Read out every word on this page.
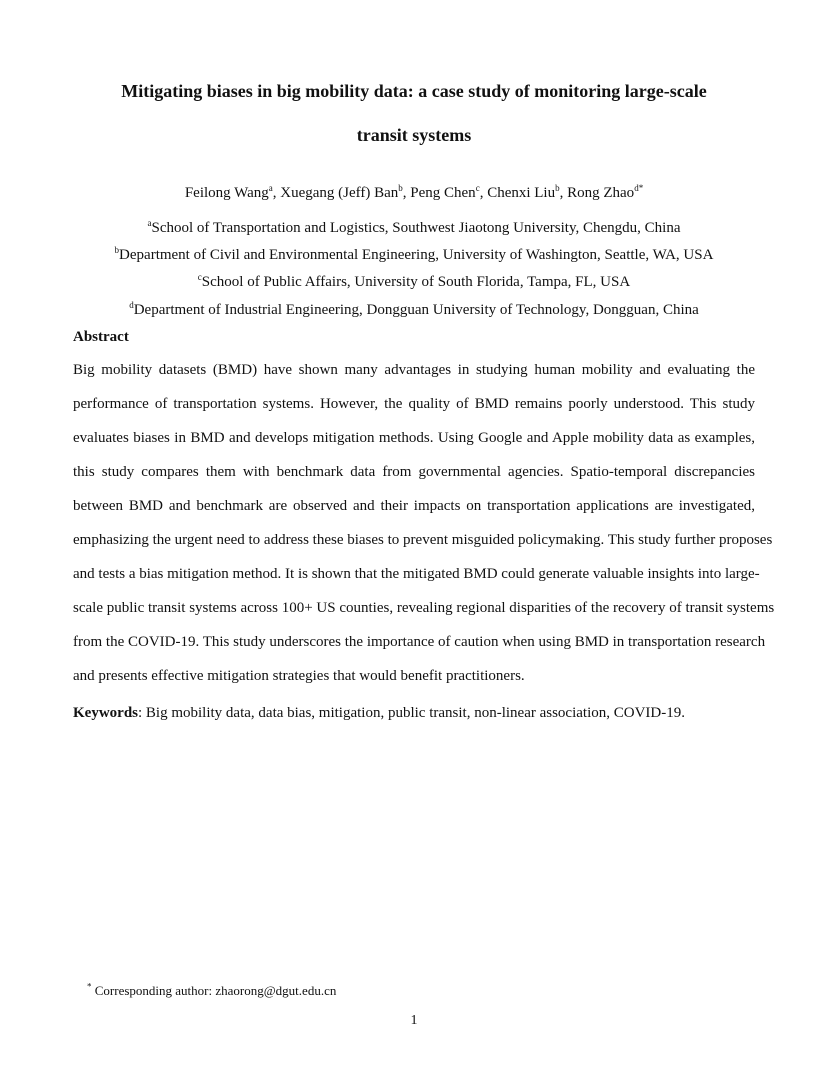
Mitigating biases in big mobility data: a case study of monitoring large-scale
transit systems
Feilong Wang$^a$, Xuegang (Jeff) Ban$^b$, Peng Chen$^c$, Chenxi Liu$^b$, Rong Zhao$^{d*}$
$^a$School of Transportation and Logistics, Southwest Jiaotong University, Chengdu, China
$^b$Department of Civil and Environmental Engineering, University of Washington, Seattle, WA, USA
$^c$School of Public Affairs, University of South Florida, Tampa, FL, USA
$^d$Department of Industrial Engineering, Dongguan University of Technology, Dongguan, China
Abstract
Big mobility datasets (BMD) have shown many advantages in studying human mobility and evaluating the
performance of transportation systems. However, the quality of BMD remains poorly understood. This study
evaluates biases in BMD and develops mitigation methods. Using Google and Apple mobility data as examples,
this study compares them with benchmark data from governmental agencies. Spatio-temporal discrepancies
between BMD and benchmark are observed and their impacts on transportation applications are investigated,
emphasizing the urgent need to address these biases to prevent misguided policymaking. This study further proposes
and tests a bias mitigation method. It is shown that the mitigated BMD could generate valuable insights into large-
scale public transit systems across 100+ US counties, revealing regional disparities of the recovery of transit systems
from the COVID-19. This study underscores the importance of caution when using BMD in transportation research
and presents effective mitigation strategies that would benefit practitioners.
Keywords: Big mobility data, data bias, mitigation, public transit, non-linear association, COVID-19.
* Corresponding author: zhaorong@dgut.edu.cn
1
